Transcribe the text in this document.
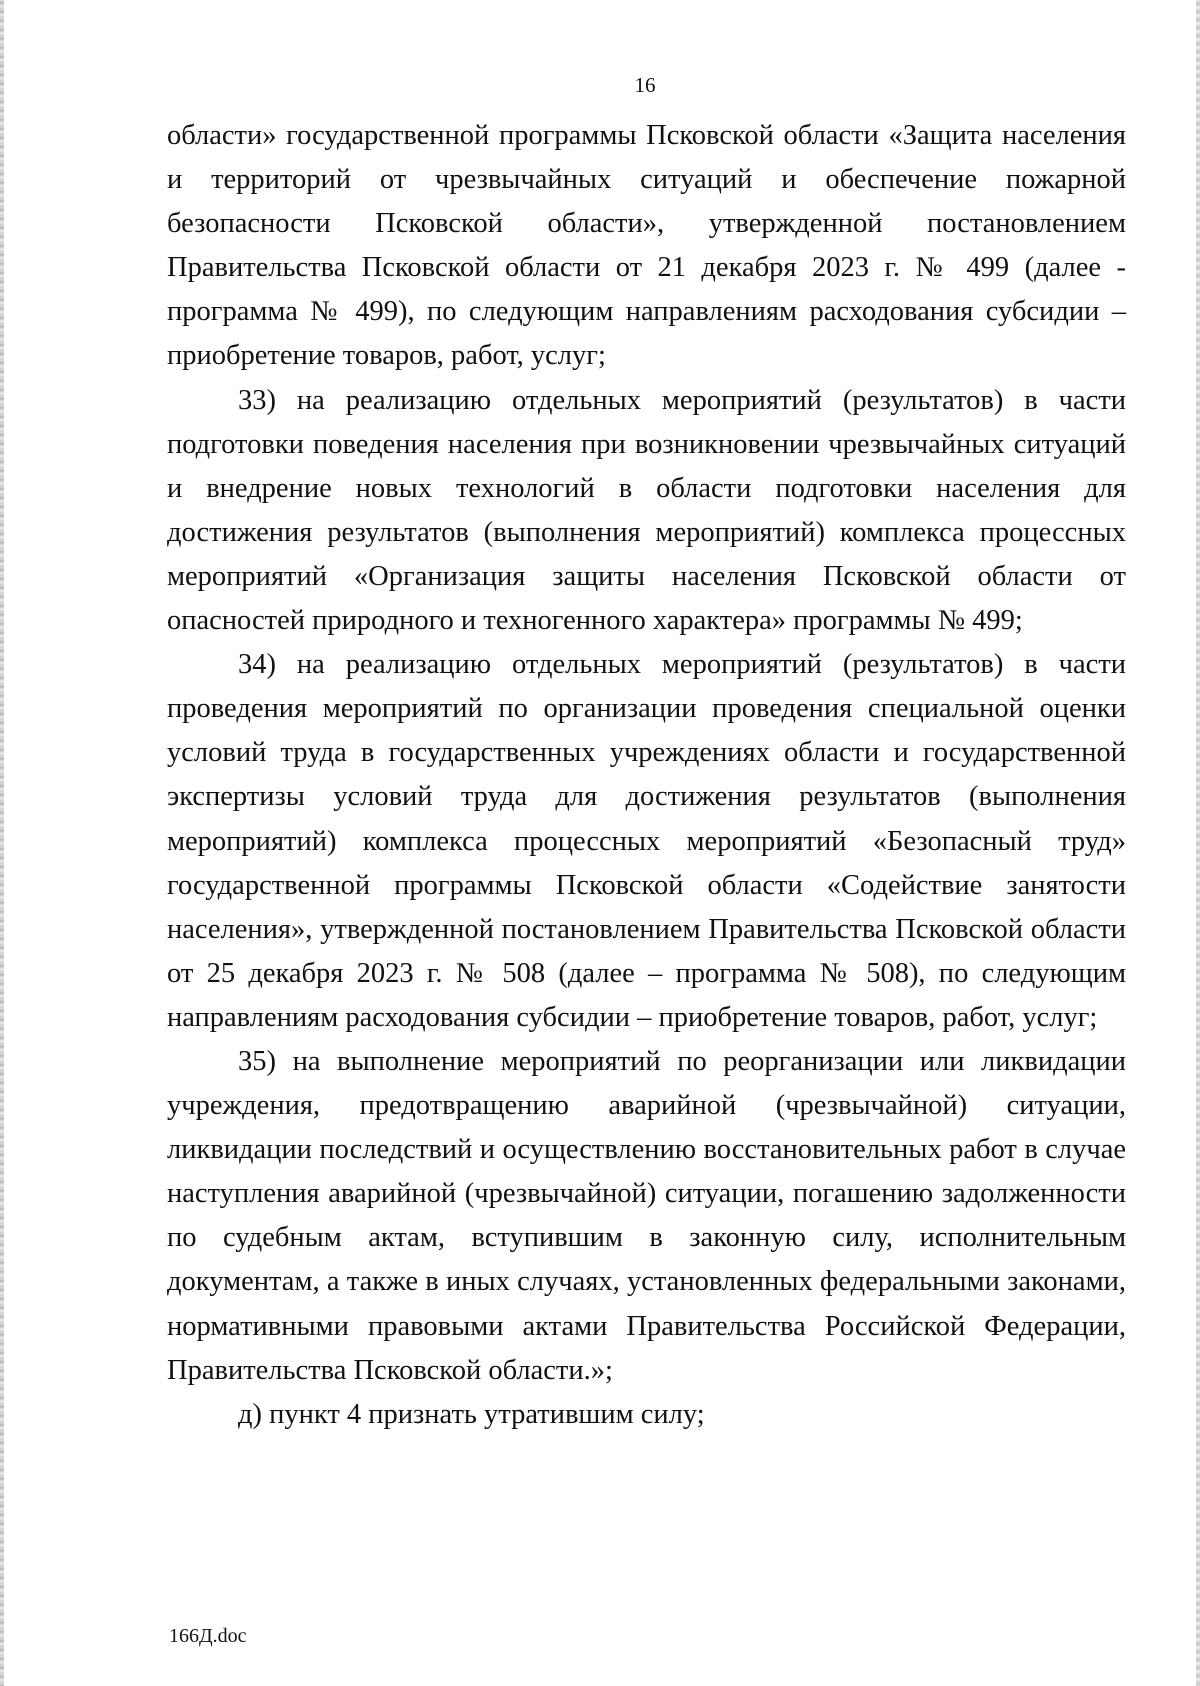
16

области» государственной программы Псковской области «Защита населения и территорий от чрезвычайных ситуаций и обеспечение пожарной безопасности Псковской области», утвержденной постановлением Правительства Псковской области от 21 декабря 2023 г. № 499 (далее - программа № 499), по следующим направлениям расходования субсидии – приобретение товаров, работ, услуг;

33) на реализацию отдельных мероприятий (результатов) в части подготовки поведения населения при возникновении чрезвычайных ситуаций и внедрение новых технологий в области подготовки населения для достижения результатов (выполнения мероприятий) комплекса процессных мероприятий «Организация защиты населения Псковской области от опасностей природного и техногенного характера» программы № 499;

34) на реализацию отдельных мероприятий (результатов) в части проведения мероприятий по организации проведения специальной оценки условий труда в государственных учреждениях области и государственной экспертизы условий труда для достижения результатов (выполнения мероприятий) комплекса процессных мероприятий «Безопасный труд» государственной программы Псковской области «Содействие занятости населения», утвержденной постановлением Правительства Псковской области от 25 декабря 2023 г. № 508 (далее – программа № 508), по следующим направлениям расходования субсидии – приобретение товаров, работ, услуг;

35) на выполнение мероприятий по реорганизации или ликвидации учреждения, предотвращению аварийной (чрезвычайной) ситуации, ликвидации последствий и осуществлению восстановительных работ в случае наступления аварийной (чрезвычайной) ситуации, погашению задолженности по судебным актам, вступившим в законную силу, исполнительным документам, а также в иных случаях, установленных федеральными законами, нормативными правовыми актами Правительства Российской Федерации, Правительства Псковской области.»;

д) пункт 4 признать утратившим силу;

166Д.doc
